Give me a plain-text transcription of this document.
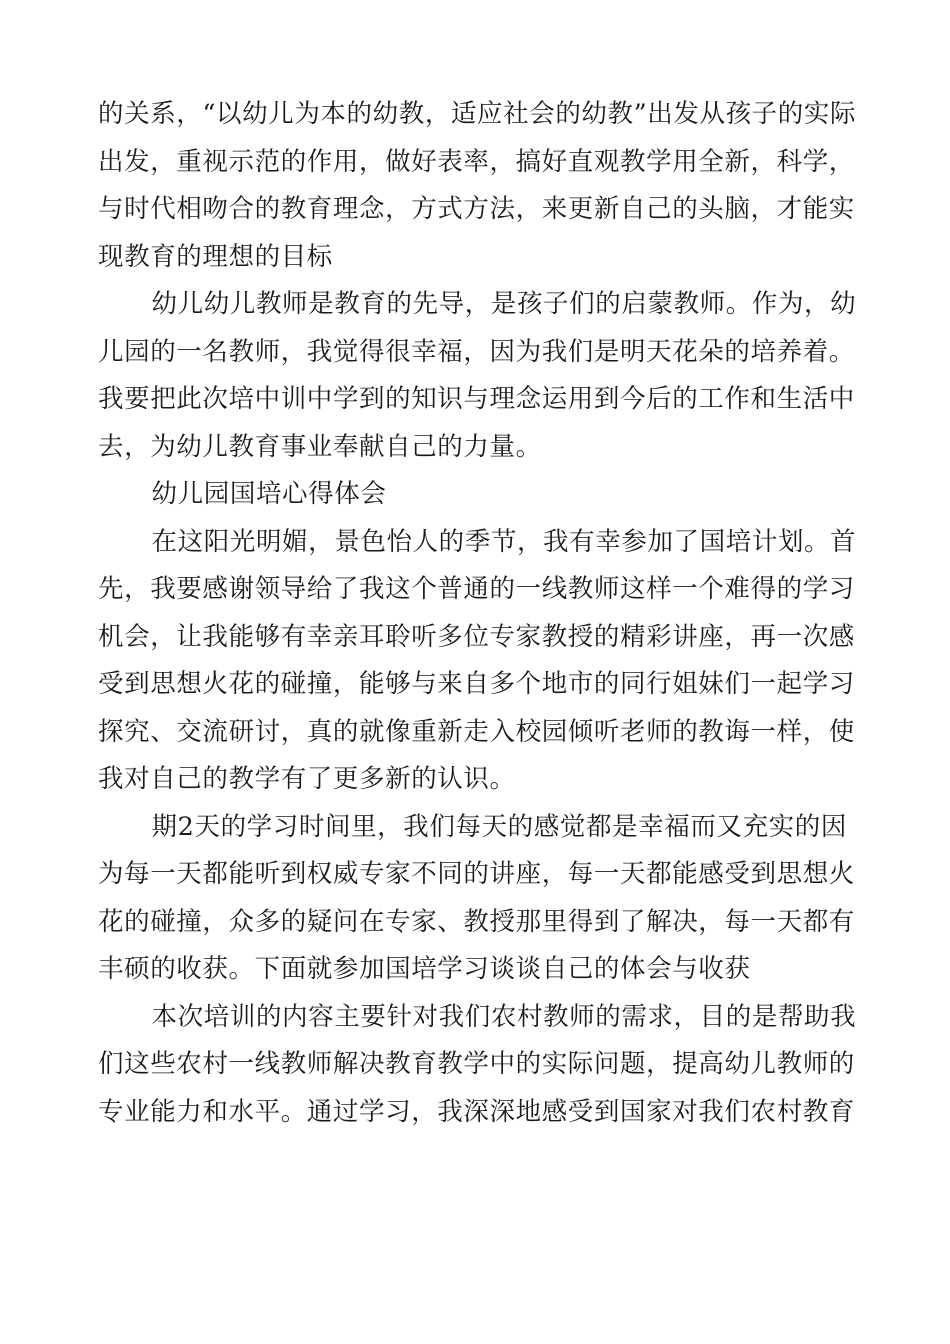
的关系，“以幼儿为本的幼教，适应社会的幼教”出发从孩子的实际出发，重视示范的作用，做好表率，搞好直观教学用全新，科学，与时代相吻合的教育理念，方式方法，来更新自己的头脑，才能实现教育的理想的目标

幼儿幼儿教师是教育的先导，是孩子们的启蒙教师。作为，幼儿园的一名教师，我觉得很幸福，因为我们是明天花朵的培养着。我要把此次培中训中学到的知识与理念运用到今后的工作和生活中去，为幼儿教育事业奉献自己的力量。

幼儿园国培心得体会

在这阳光明媚，景色怡人的季节，我有幸参加了国培计划。首先，我要感谢领导给了我这个普通的一线教师这样一个难得的学习机会，让我能够有幸亲耳聆听多位专家教授的精彩讲座，再一次感受到思想火花的碰撞，能够与来自多个地市的同行姐妹们一起学习探究、交流研讨，真的就像重新走入校园倾听老师的教诲一样，使我对自己的教学有了更多新的认识。

期2天的学习时间里，我们每天的感觉都是幸福而又充实的因为每一天都能听到权威专家不同的讲座，每一天都能感受到思想火花的碰撞，众多的疑问在专家、教授那里得到了解决，每一天都有丰硕的收获。下面就参加国培学习谈谈自己的体会与收获

本次培训的内容主要针对我们农村教师的需求，目的是帮助我们这些农村一线教师解决教育教学中的实际问题，提高幼儿教师的专业能力和水平。通过学习，我深深地感受到国家对我们农村教育
